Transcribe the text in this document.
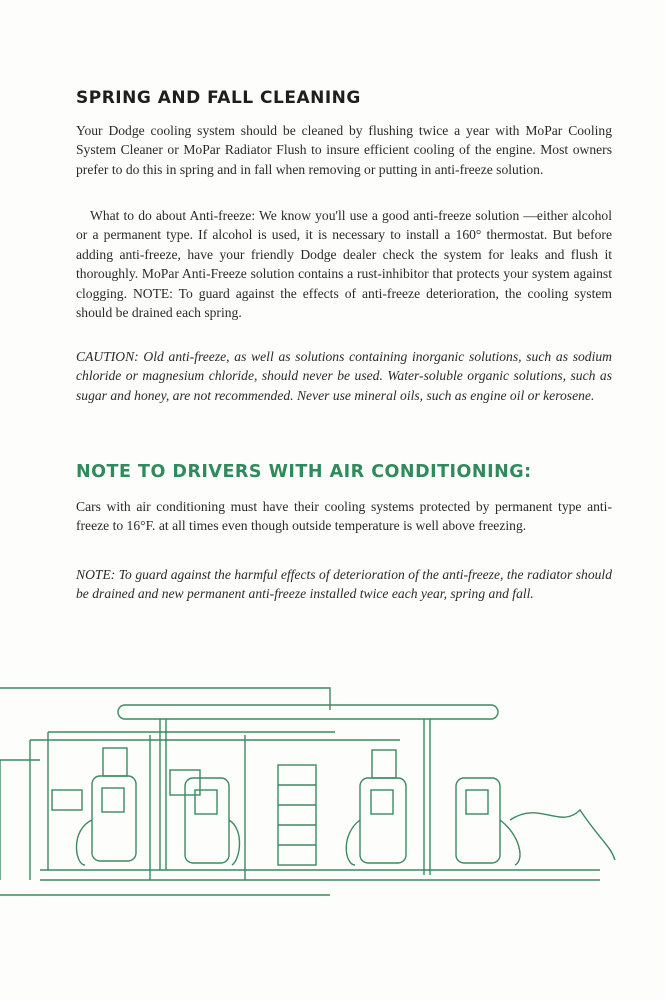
SPRING AND FALL CLEANING

Your Dodge cooling system should be cleaned by flushing twice a year with MoPar Cooling System Cleaner or MoPar Radiator Flush to insure efficient cooling of the engine. Most owners prefer to do this in spring and in fall when removing or putting in anti-freeze solution.

What to do about Anti-freeze: We know you'll use a good anti-freeze solution —either alcohol or a permanent type. If alcohol is used, it is necessary to install a 160° thermostat. But before adding anti-freeze, have your friendly Dodge dealer check the system for leaks and flush it thoroughly. MoPar Anti-Freeze solution contains a rust-inhibitor that protects your system against clogging. NOTE: To guard against the effects of anti-freeze deterioration, the cooling system should be drained each spring.

CAUTION: Old anti-freeze, as well as solutions containing inorganic solutions, such as sodium chloride or magnesium chloride, should never be used. Water-soluble organic solutions, such as sugar and honey, are not recommended. Never use mineral oils, such as engine oil or kerosene.

NOTE TO DRIVERS WITH AIR CONDITIONING:

Cars with air conditioning must have their cooling systems protected by permanent type anti-freeze to 16°F. at all times even though outside temperature is well above freezing.

NOTE: To guard against the harmful effects of deterioration of the anti-freeze, the radiator should be drained and new permanent anti-freeze installed twice each year, spring and fall.
